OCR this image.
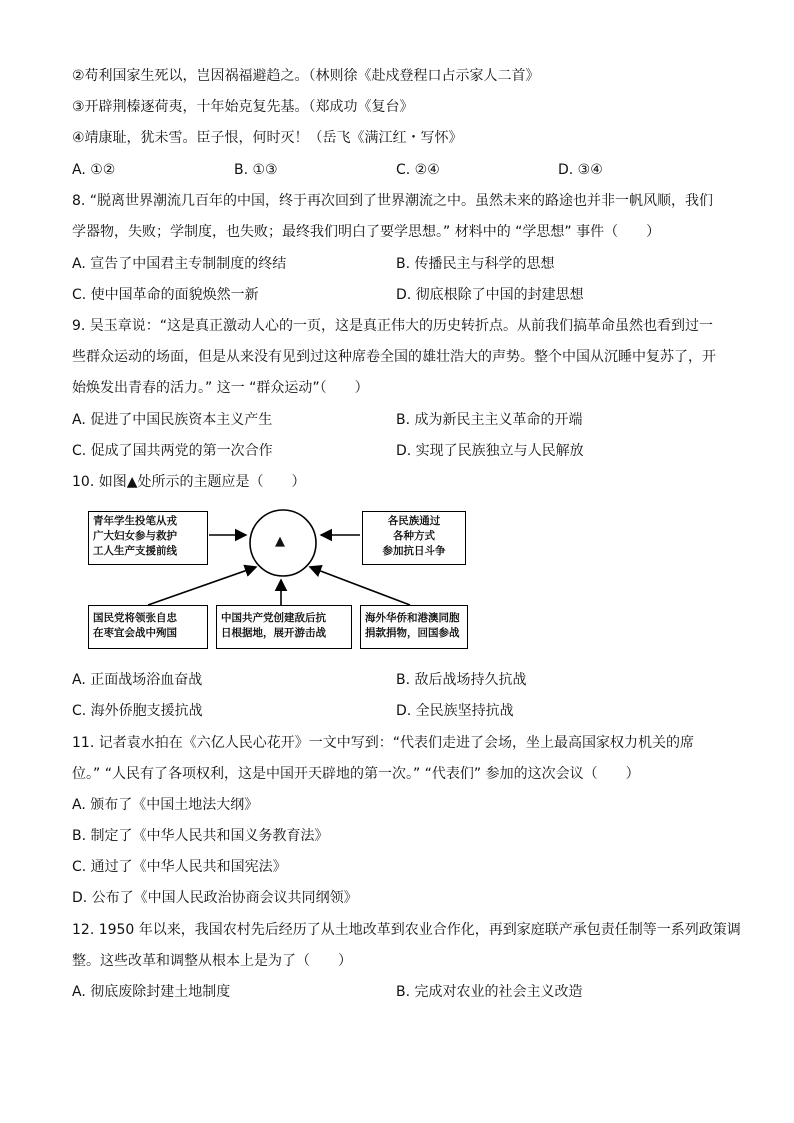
②苟利国家生死以，岂因祸福避趋之。（林则徐《赴戍登程口占示家人二首》
③开辟荆榛逐荷夷，十年始克复先基。（郑成功《复台》
④靖康耻，犹未雪。臣子恨，何时灭！（岳飞《满江红・写怀》
A. ①②	B. ①③	C. ②④	D. ③④
8. “脱离世界潮流几百年的中国，终于再次回到了世界潮流之中。虽然未来的路途也并非一帆风顺，我们
学器物，失败；学制度，也失败；最终我们明白了要学思想。” 材料中的 “学思想” 事件（　　）
A. 宣告了中国君主专制制度的终结	B. 传播民主与科学的思想
C. 使中国革命的面貌焕然一新	D. 彻底根除了中国的封建思想
9. 吴玉章说：“这是真正激动人心的一页，这是真正伟大的历史转折点。从前我们搞革命虽然也看到过一
些群众运动的场面，但是从来没有见到过这种席卷全国的雄壮浩大的声势。整个中国从沉睡中复苏了，开
始焕发出青春的活力。” 这一 “群众运动”（　　）
A. 促进了中国民族资本主义产生	B. 成为新民主主义革命的开端
C. 促成了国共两党的第一次合作	D. 实现了民族独立与人民解放
10. 如图▲处所示的主题应是（　　）
▲
青年学生投笔从戎
广大妇女参与救护
工人生产支援前线
各民族通过
各种方式
参加抗日斗争
国民党将领张自忠
在枣宜会战中殉国
中国共产党创建敌后抗
日根据地，展开游击战
海外华侨和港澳同胞
捐款捐物，回国参战
A. 正面战场浴血奋战	B. 敌后战场持久抗战
C. 海外侨胞支援抗战	D. 全民族坚持抗战
11. 记者袁水拍在《六亿人民心花开》一文中写到：“代表们走进了会场，坐上最高国家权力机关的席
位。” “人民有了各项权利，这是中国开天辟地的第一次。” “代表们” 参加的这次会议（　　）
A. 颁布了《中国土地法大纲》
B. 制定了《中华人民共和国义务教育法》
C. 通过了《中华人民共和国宪法》
D. 公布了《中国人民政治协商会议共同纲领》
12. 1950 年以来，我国农村先后经历了从土地改革到农业合作化，再到家庭联产承包责任制等一系列政策调
整。这些改革和调整从根本上是为了（　　）
A. 彻底废除封建土地制度	B. 完成对农业的社会主义改造
